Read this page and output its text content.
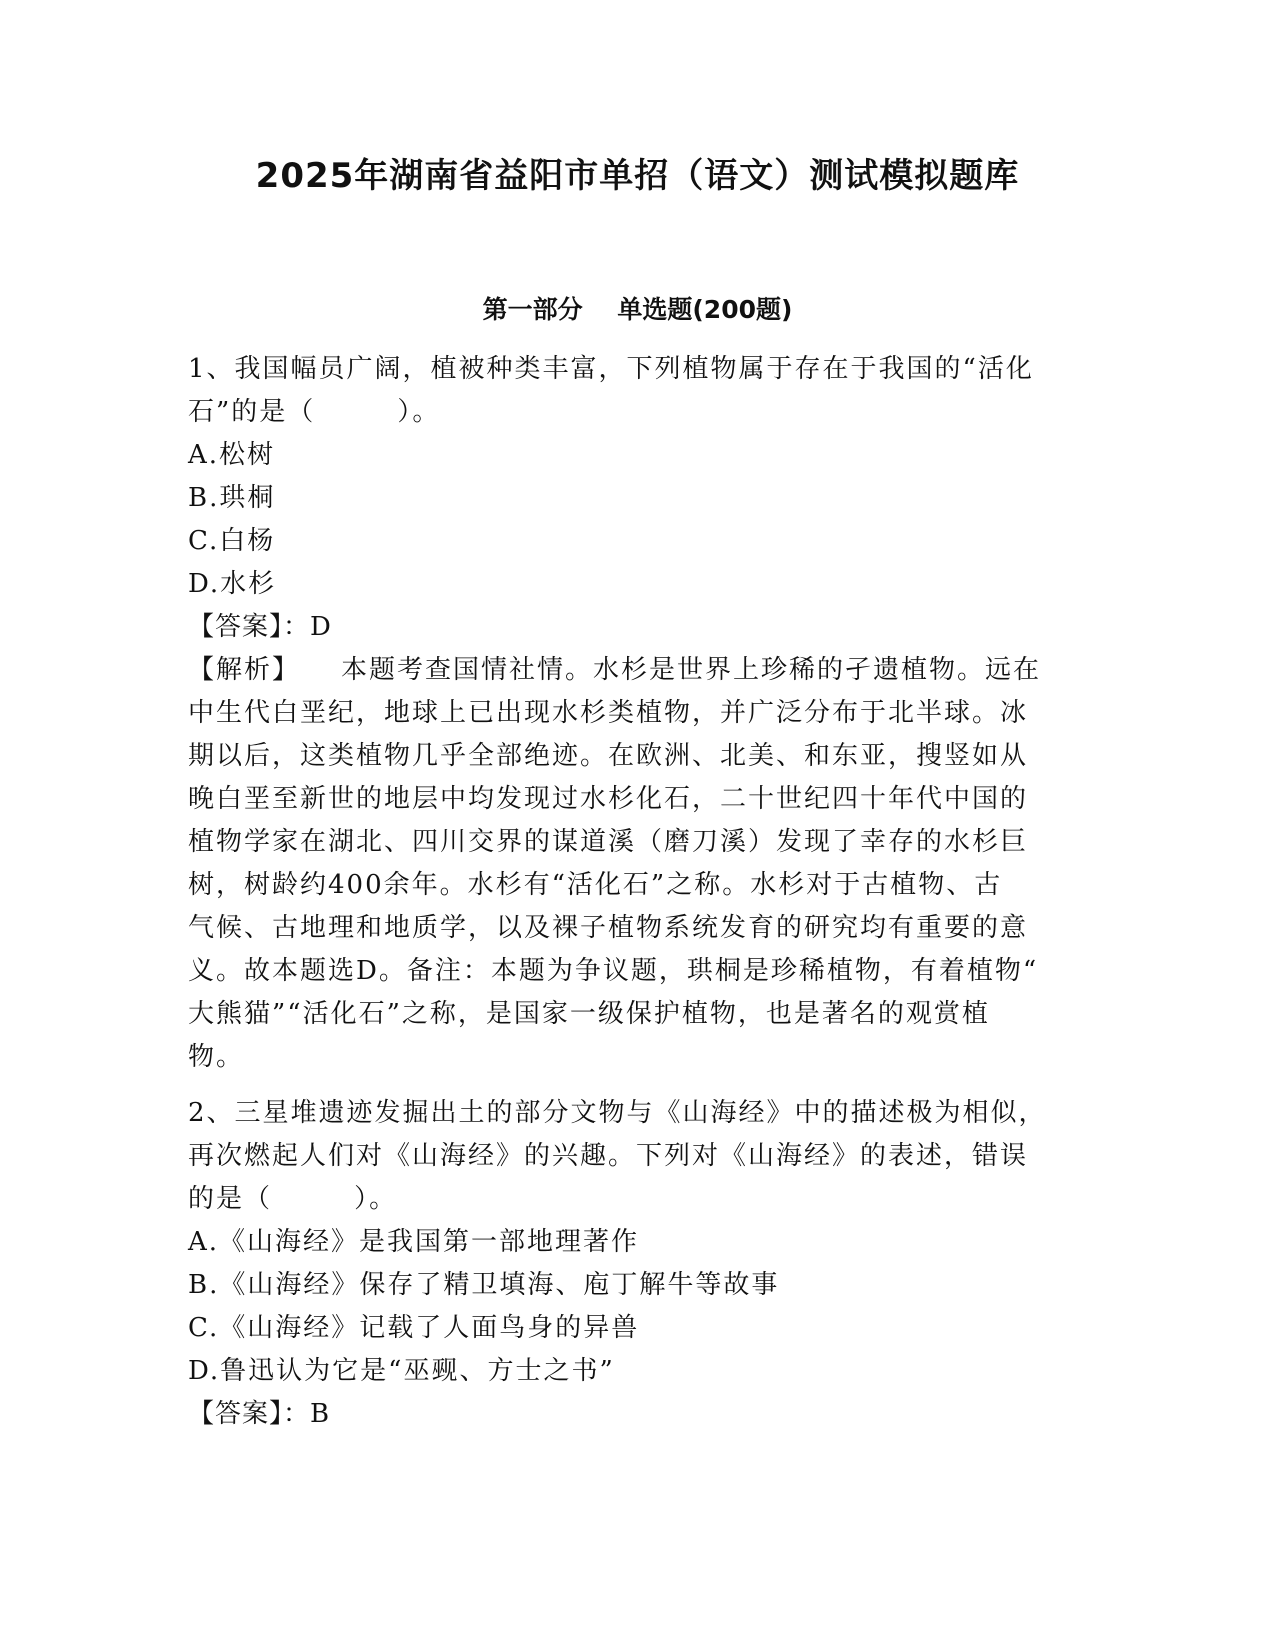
2025年湖南省益阳市单招（语文）测试模拟题库
第一部分    单选题(200题)
1、我国幅员广阔，植被种类丰富，下列植物属于存在于我国的“活化
石”的是（        ）。
A.松树
B.珙桐
C.白杨
D.水杉
【答案】：D
【解析】    本题考查国情社情。水杉是世界上珍稀的孑遗植物。远在
中生代白垩纪，地球上已出现水杉类植物，并广泛分布于北半球。冰
期以后，这类植物几乎全部绝迹。在欧洲、北美、和东亚，搜竖如从
晚白垩至新世的地层中均发现过水杉化石，二十世纪四十年代中国的
植物学家在湖北、四川交界的谋道溪（磨刀溪）发现了幸存的水杉巨
树，树龄约400余年。水杉有“活化石”之称。水杉对于古植物、古
气候、古地理和地质学，以及裸子植物系统发育的研究均有重要的意
义。故本题选D。备注：本题为争议题，珙桐是珍稀植物，有着植物“
大熊猫”“活化石”之称，是国家一级保护植物，也是著名的观赏植
物。
2、三星堆遗迹发掘出土的部分文物与《山海经》中的描述极为相似，
再次燃起人们对《山海经》的兴趣。下列对《山海经》的表述，错误
的是（        ）。
A.《山海经》是我国第一部地理著作
B.《山海经》保存了精卫填海、庖丁解牛等故事
C.《山海经》记载了人面鸟身的异兽
D.鲁迅认为它是“巫觋、方士之书”
【答案】：B
